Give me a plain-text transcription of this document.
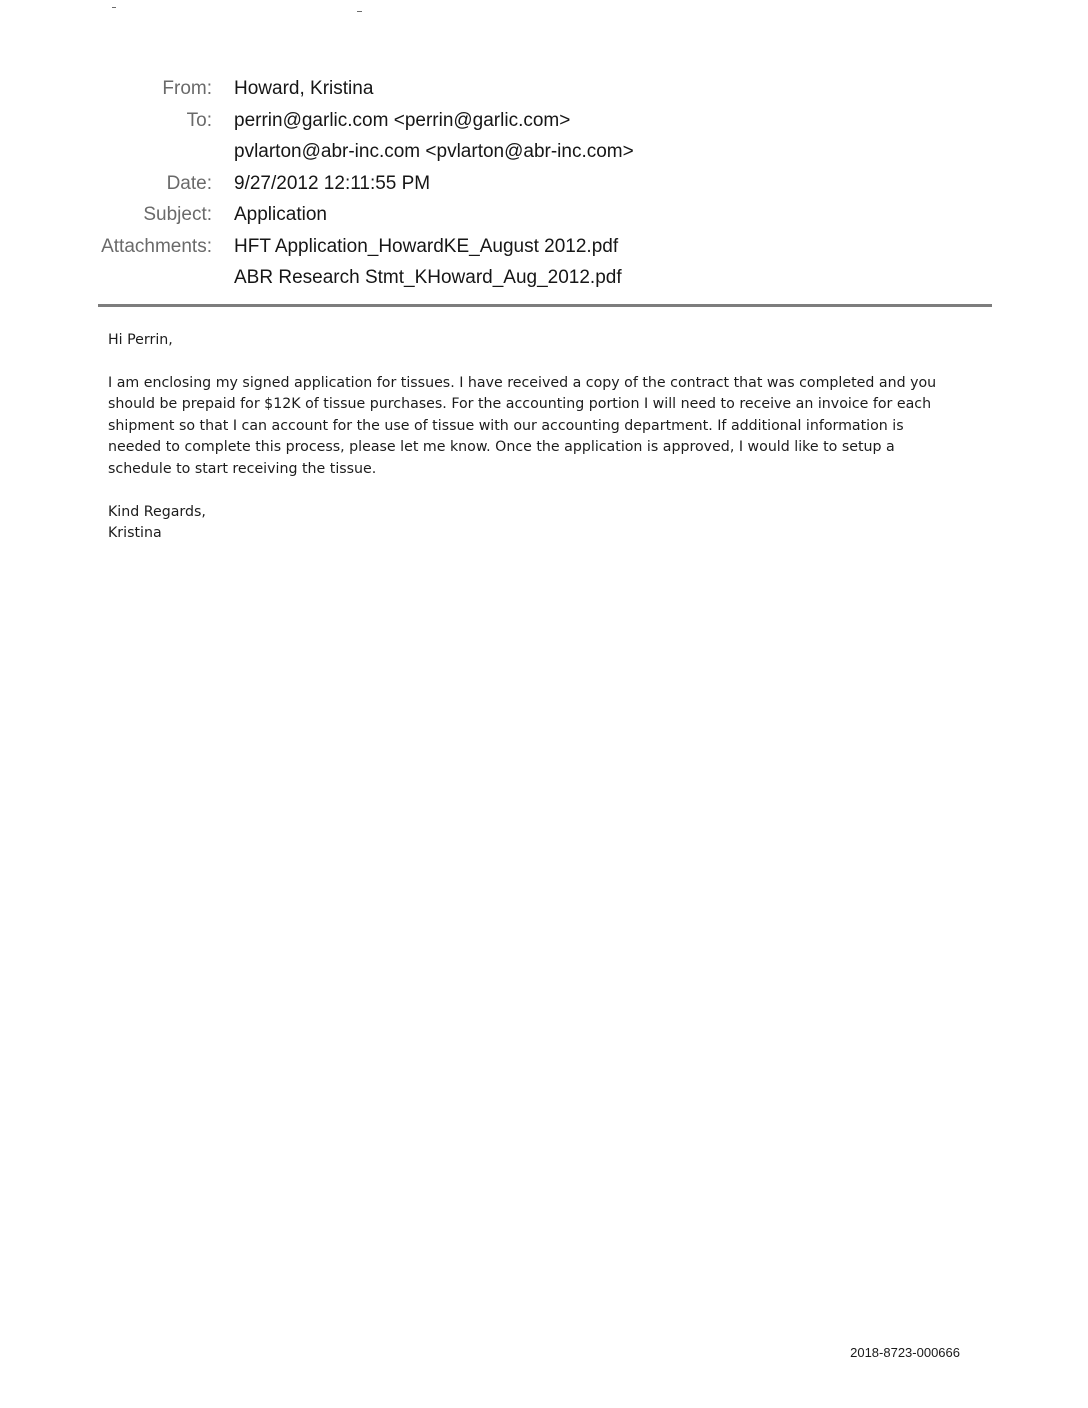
From:	Howard, Kristina
To:	perrin@garlic.com <perrin@garlic.com>
pvlarton@abr-inc.com <pvlarton@abr-inc.com>
Date:	9/27/2012 12:11:55 PM
Subject:	Application
Attachments:	HFT Application_HowardKE_August 2012.pdf
ABR Research Stmt_KHoward_Aug_2012.pdf

Hi Perrin,

I am enclosing my signed application for tissues. I have received a copy of the contract that was completed and you
should be prepaid for $12K of tissue purchases. For the accounting portion I will need to receive an invoice for each
shipment so that I can account for the use of tissue with our accounting department. If additional information is
needed to complete this process, please let me know. Once the application is approved, I would like to setup a
schedule to start receiving the tissue.

Kind Regards,
Kristina

2018-8723-000666
